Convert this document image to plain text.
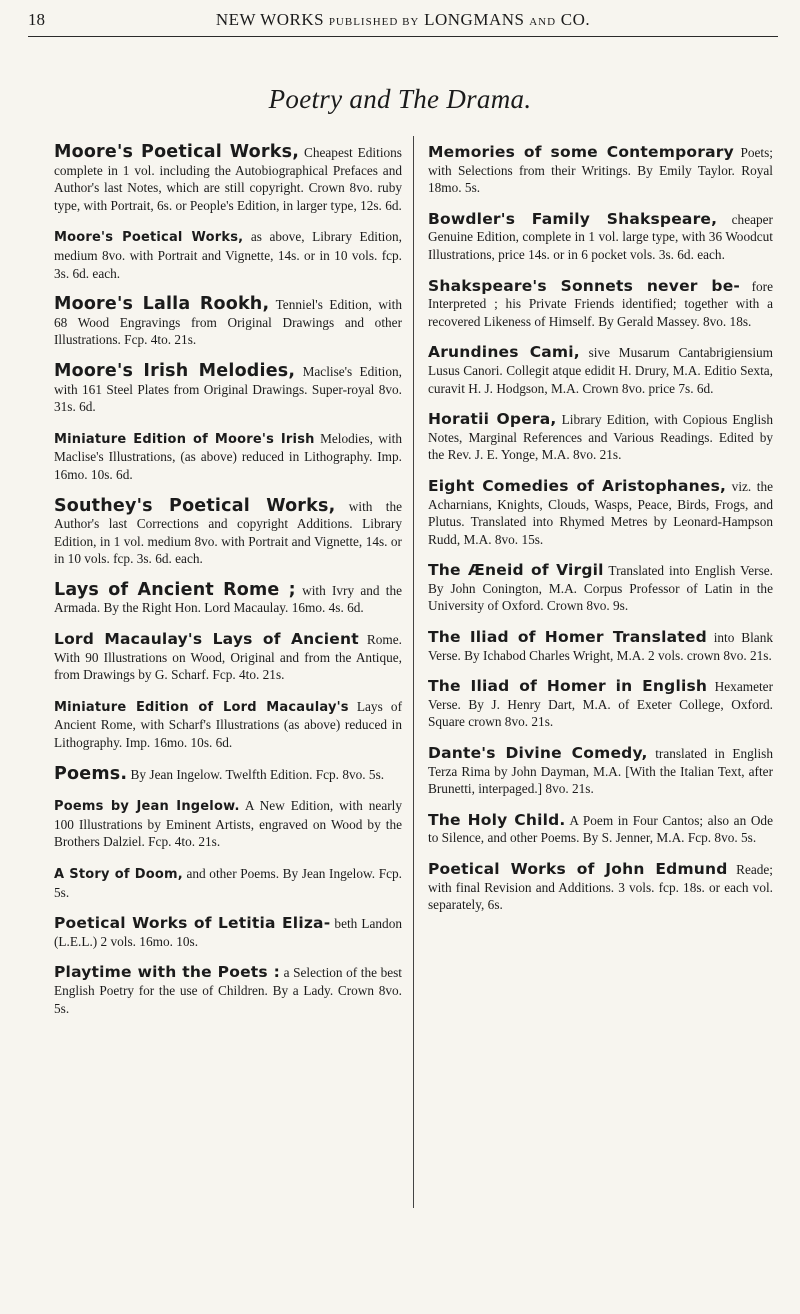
18	NEW WORKS PUBLISHED BY LONGMANS AND CO.
Poetry and The Drama.

Moore's Poetical Works, Cheapest Editions complete in 1 vol. including the Autobiographical Prefaces and Author's last Notes, which are still copyright. Crown 8vo. ruby type, with Portrait, 6s. or People's Edition, in larger type, 12s. 6d.

Moore's Poetical Works, as above, Library Edition, medium 8vo. with Portrait and Vignette, 14s. or in 10 vols. fcp. 3s. 6d. each.

Moore's Lalla Rookh, Tenniel's Edition, with 68 Wood Engravings from Original Drawings and other Illustrations. Fcp. 4to. 21s.

Moore's Irish Melodies, Maclise's Edition, with 161 Steel Plates from Original Drawings. Super-royal 8vo. 31s. 6d.

Miniature Edition of Moore's Irish Melodies, with Maclise's Illustrations, (as above) reduced in Lithography. Imp. 16mo. 10s. 6d.

Southey's Poetical Works, with the Author's last Corrections and copyright Additions. Library Edition, in 1 vol. medium 8vo. with Portrait and Vignette, 14s. or in 10 vols. fcp. 3s. 6d. each.

Lays of Ancient Rome ; with Ivry and the Armada. By the Right Hon. Lord Macaulay. 16mo. 4s. 6d.

Lord Macaulay's Lays of Ancient Rome. With 90 Illustrations on Wood, Original and from the Antique, from Drawings by G. Scharf. Fcp. 4to. 21s.

Miniature Edition of Lord Macaulay's Lays of Ancient Rome, with Scharf's Illustrations (as above) reduced in Lithography. Imp. 16mo. 10s. 6d.

Poems. By Jean Ingelow. Twelfth Edition. Fcp. 8vo. 5s.

Poems by Jean Ingelow. A New Edition, with nearly 100 Illustrations by Eminent Artists, engraved on Wood by the Brothers Dalziel. Fcp. 4to. 21s.

A Story of Doom, and other Poems. By Jean Ingelow. Fcp. 5s.

Poetical Works of Letitia Eliza- beth Landon (L.E.L.) 2 vols. 16mo. 10s.

Playtime with the Poets : a Selection of the best English Poetry for the use of Children. By a Lady. Crown 8vo. 5s.

Memories of some Contemporary Poets; with Selections from their Writings. By Emily Taylor. Royal 18mo. 5s.

Bowdler's Family Shakspeare, cheaper Genuine Edition, complete in 1 vol. large type, with 36 Woodcut Illustrations, price 14s. or in 6 pocket vols. 3s. 6d. each.

Shakspeare's Sonnets never be- fore Interpreted ; his Private Friends identified; together with a recovered Likeness of Himself. By Gerald Massey. 8vo. 18s.

Arundines Cami, sive Musarum Cantabrigiensium Lusus Canori. Collegit atque edidit H. Drury, M.A. Editio Sexta, curavit H. J. Hodgson, M.A. Crown 8vo. price 7s. 6d.

Horatii Opera, Library Edition, with Copious English Notes, Marginal References and Various Readings. Edited by the Rev. J. E. Yonge, M.A. 8vo. 21s.

Eight Comedies of Aristophanes, viz. the Acharnians, Knights, Clouds, Wasps, Peace, Birds, Frogs, and Plutus. Translated into Rhymed Metres by Leonard-Hampson Rudd, M.A. 8vo. 15s.

The Æneid of Virgil Translated into English Verse. By John Conington, M.A. Corpus Professor of Latin in the University of Oxford. Crown 8vo. 9s.

The Iliad of Homer Translated into Blank Verse. By Ichabod Charles Wright, M.A. 2 vols. crown 8vo. 21s.

The Iliad of Homer in English Hexameter Verse. By J. Henry Dart, M.A. of Exeter College, Oxford. Square crown 8vo. 21s.

Dante's Divine Comedy, translated in English Terza Rima by John Dayman, M.A. [With the Italian Text, after Brunetti, interpaged.] 8vo. 21s.

The Holy Child. A Poem in Four Cantos; also an Ode to Silence, and other Poems. By S. Jenner, M.A. Fcp. 8vo. 5s.

Poetical Works of John Edmund Reade; with final Revision and Additions. 3 vols. fcp. 18s. or each vol. separately, 6s.
